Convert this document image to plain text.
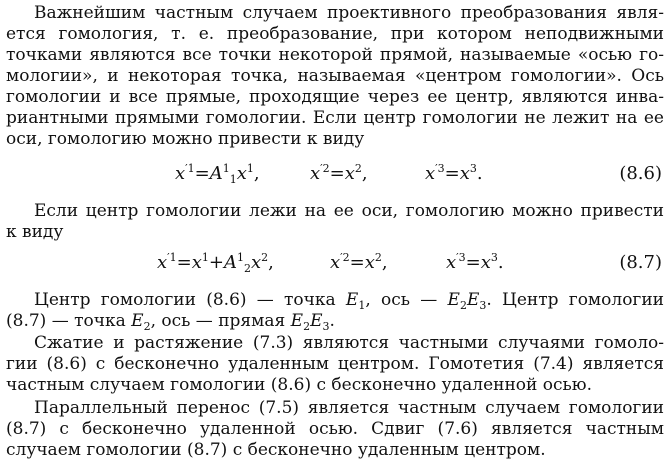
Важнейшим частным случаем проективного преобразования явля-
ется гомология, т. е. преобразование, при котором неподвижными
точками являются все точки некоторой прямой, называемые «осью го-
мологии», и некоторая точка, называемая «центром гомологии». Ось
гомологии и все прямые, проходящие через ее центр, являются инва-
риантными прямыми гомологии. Если центр гомологии не лежит на ее
оси, гомологию можно привести к виду
$x^{'1}=A^1_1x^1$,	$x^{'2}=x^2$,	$x^{'3}=x^3$.	(8.6)
Если центр гомологии лежи на ее оси, гомологию можно привести
к виду
$x^{'1}=x^1+A^1_2x^2$,	$x^{'2}=x^2$,	$x^{'3}=x^3$.	(8.7)
Центр гомологии (8.6) — точка $E_1$, ось — $E_2E_3$. Центр гомологии
(8.7) — точка $E_2$, ось — прямая $E_2E_3$.
Сжатие и растяжение (7.3) являются частными случаями гомоло-
гии (8.6) с бесконечно удаленным центром. Гомотетия (7.4) является
частным случаем гомологии (8.6) с бесконечно удаленной осью.
Параллельный перенос (7.5) является частным случаем гомологии
(8.7) с бесконечно удаленной осью. Сдвиг (7.6) является частным
случаем гомологии (8.7) с бесконечно удаленным центром.
